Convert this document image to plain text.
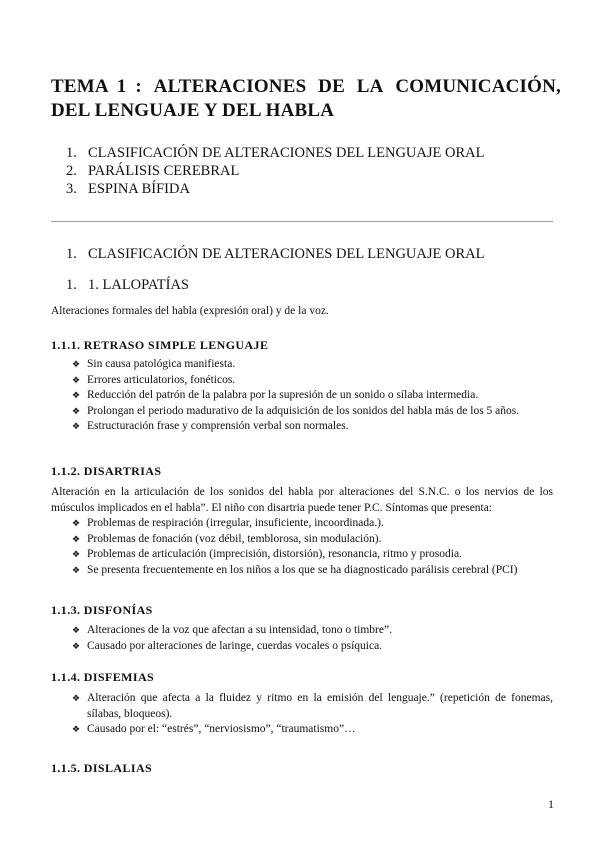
TEMA 1 : ALTERACIONES DE LA COMUNICACIÓN,
DEL LENGUAJE Y DEL HABLA
1. CLASIFICACIÓN DE ALTERACIONES DEL LENGUAJE ORAL
2. PARÁLISIS CEREBRAL
3. ESPINA BÍFIDA
1. CLASIFICACIÓN DE ALTERACIONES DEL LENGUAJE ORAL
1. 1. LALOPATÍAS
Alteraciones formales del habla (expresión oral) y de la voz.
1.1.1. RETRASO SIMPLE LENGUAJE
❖ Sin causa patológica manifiesta.
❖ Errores articulatorios, fonéticos.
❖ Reducción del patrón de la palabra por la supresión de un sonido o sílaba intermedia.
❖ Prolongan el periodo madurativo de la adquisición de los sonidos del habla más de los 5 años.
❖ Estructuración frase y comprensión verbal son normales.
1.1.2. DISARTRIAS
Alteración en la articulación de los sonidos del habla por alteraciones del S.N.C. o los nervios de los músculos implicados en el habla”. El niño con disartria puede tener P.C. Síntomas que presenta:
❖ Problemas de respiración (irregular, insuficiente, incoordinada.).
❖ Problemas de fonación (voz débil, temblorosa, sin modulación).
❖ Problemas de articulación (imprecisión, distorsión), resonancia, ritmo y prosodia.
❖ Se presenta frecuentemente en los niños a los que se ha diagnosticado parálisis cerebral (PCI)
1.1.3. DISFONÍAS
❖ Alteraciones de la voz que afectan a su intensidad, tono o timbre”.
❖ Causado por alteraciones de laringe, cuerdas vocales o psíquica.
1.1.4. DISFEMIAS
❖ Alteración que afecta a la fluidez y ritmo en la emisión del lenguaje.” (repetición de fonemas, sílabas, bloqueos).
❖ Causado por el: “estrés”, “nerviosismo”, “traumatismo”…
1.1.5. DISLALIAS
1
